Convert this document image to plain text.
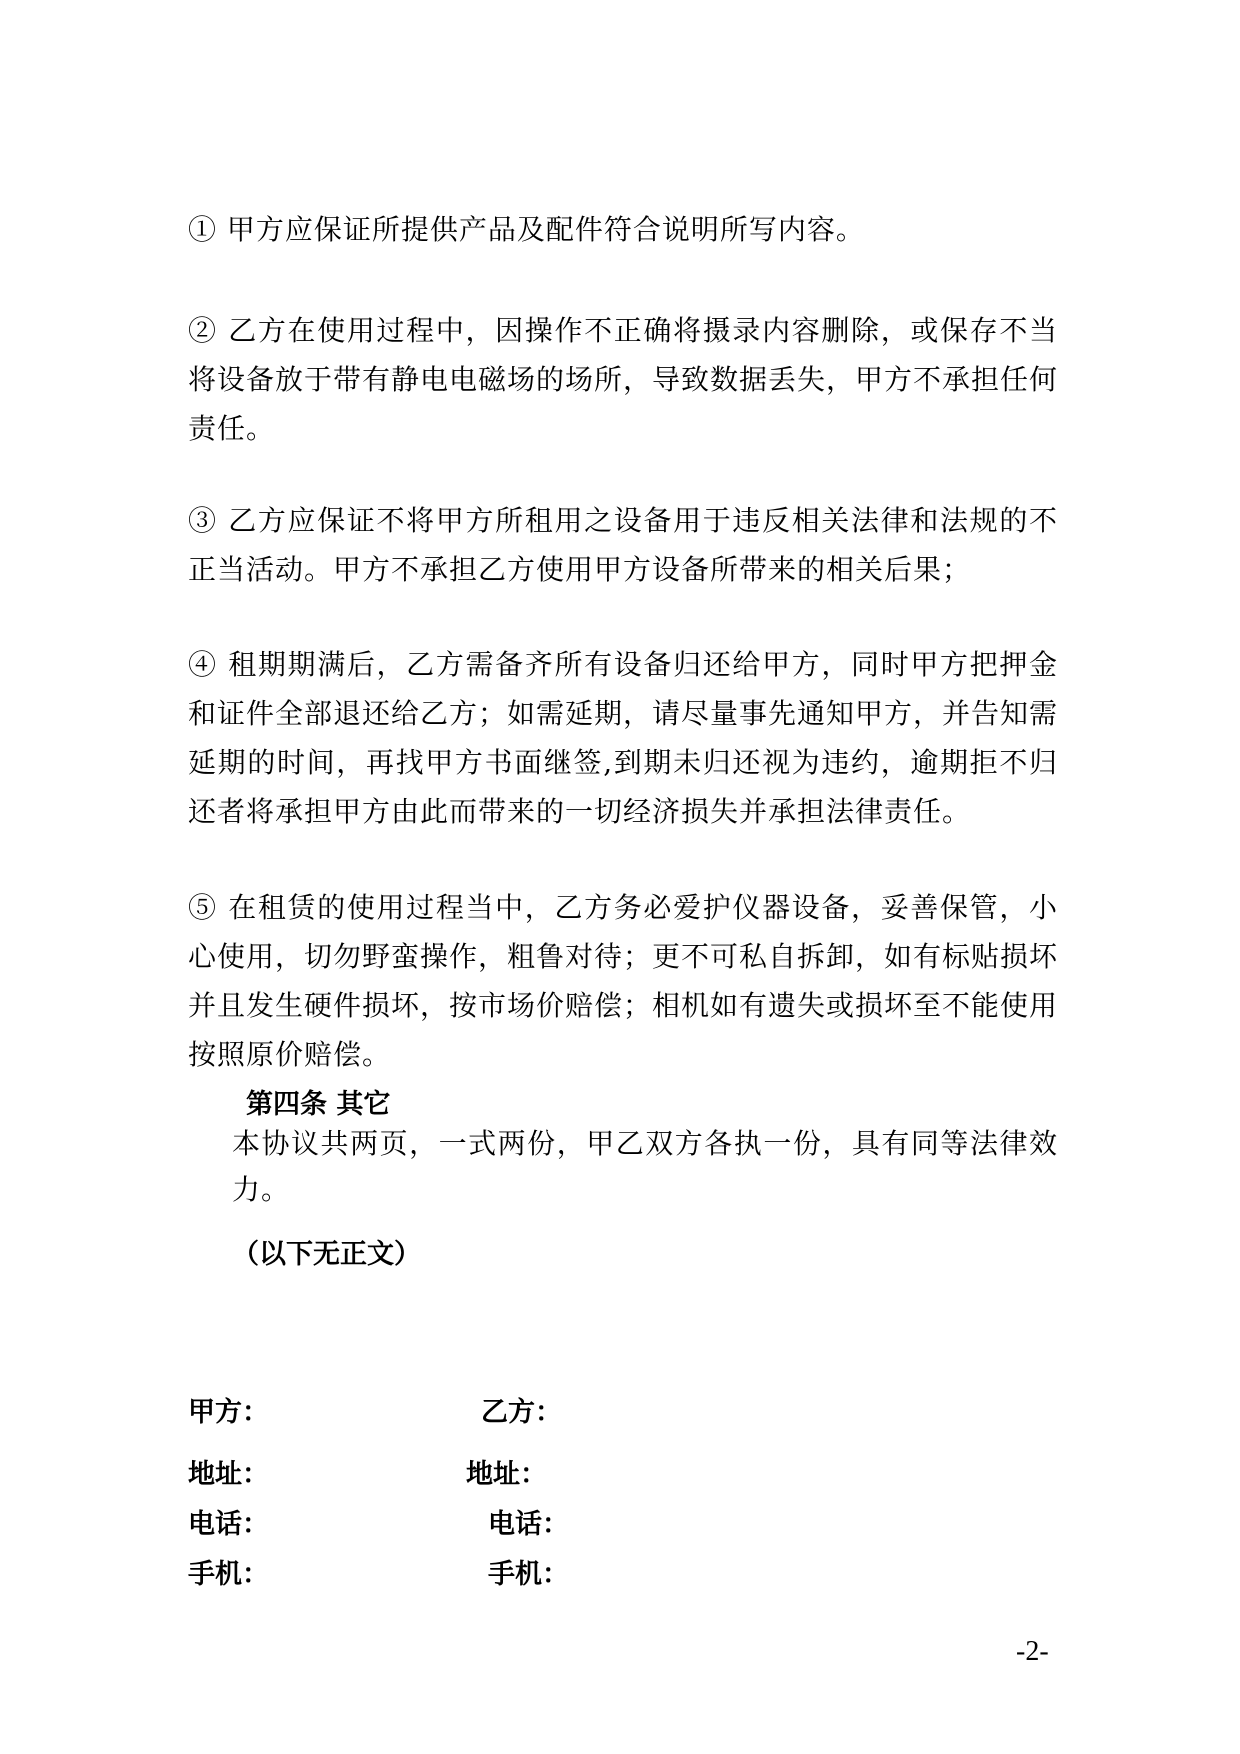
① 甲方应保证所提供产品及配件符合说明所写内容。

② 乙方在使用过程中，因操作不正确将摄录内容删除，或保存不当将设备放于带有静电电磁场的场所，导致数据丢失，甲方不承担任何责任。

③ 乙方应保证不将甲方所租用之设备用于违反相关法律和法规的不正当活动。甲方不承担乙方使用甲方设备所带来的相关后果；

④ 租期期满后，乙方需备齐所有设备归还给甲方，同时甲方把押金和证件全部退还给乙方；如需延期，请尽量事先通知甲方，并告知需延期的时间，再找甲方书面继签,到期未归还视为违约，逾期拒不归还者将承担甲方由此而带来的一切经济损失并承担法律责任。

⑤ 在租赁的使用过程当中，乙方务必爱护仪器设备，妥善保管，小心使用，切勿野蛮操作，粗鲁对待；更不可私自拆卸，如有标贴损坏并且发生硬件损坏，按市场价赔偿；相机如有遗失或损坏至不能使用按照原价赔偿。

第四条 其它

本协议共两页，一式两份，甲乙双方各执一份，具有同等法律效力。

（以下无正文）

甲方：	乙方：

地址：	地址：

电话：	电话：

手机：	手机：

-2-
